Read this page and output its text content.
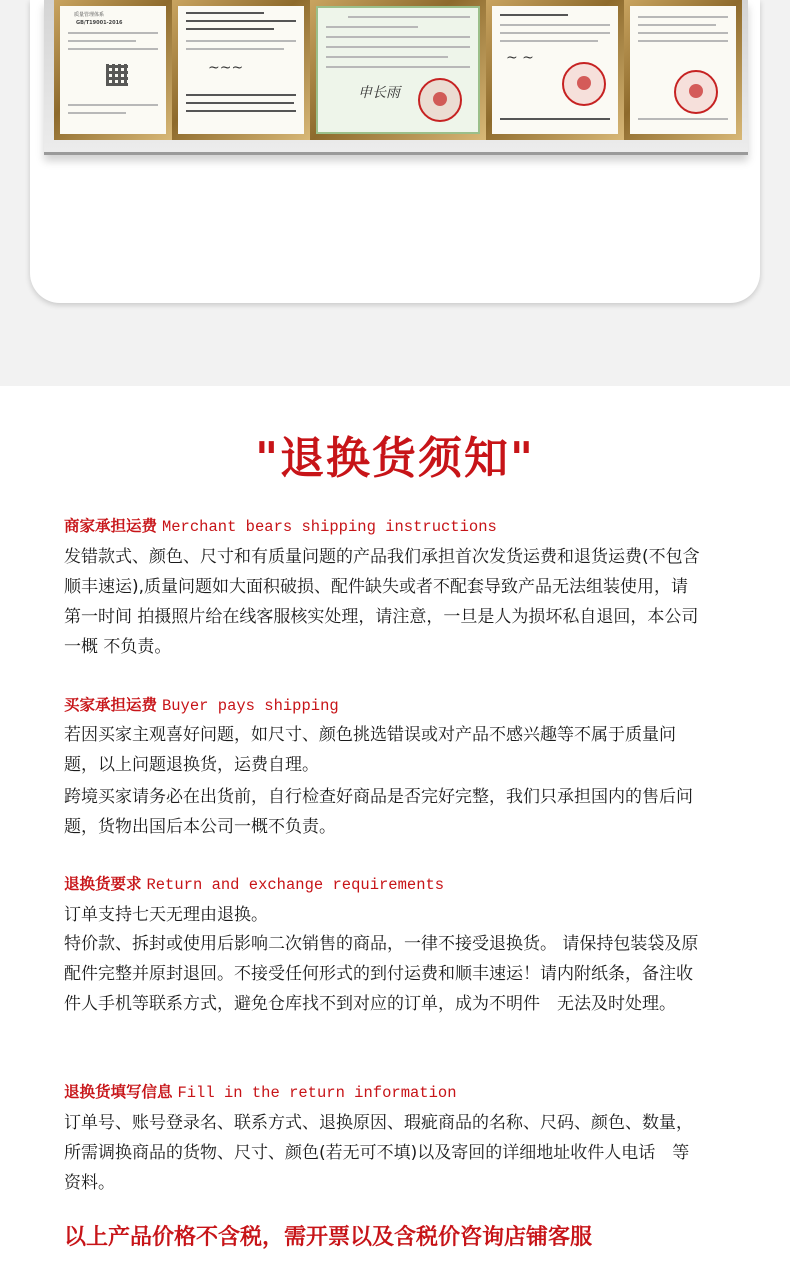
质量管理体系
GB/T19001-2016
~~~
申长雨
~ ~
"退换货须知"
商家承担运费 Merchant bears shipping instructions

发错款式、颜色、尺寸和有质量问题的产品我们承担首次发货运费和退货运费(不包含顺丰速运),质量问题如大面积破损、配件缺失或者不配套导致产品无法组装使用，请第一时间 拍摄照片给在线客服核实处理，请注意，一旦是人为损坏私自退回，本公司一概 不负责。

买家承担运费 Buyer pays shipping

若因买家主观喜好问题，如尺寸、颜色挑选错误或对产品不感兴趣等不属于质量问题，以上问题退换货，运费自理。

跨境买家请务必在出货前，自行检查好商品是否完好完整，我们只承担国内的售后问题，货物出国后本公司一概不负责。

退换货要求 Return and exchange requirements

订单支持七天无理由退换。

特价款、拆封或使用后影响二次销售的商品，一律不接受退换货。 请保持包装袋及原配件完整并原封退回。不接受任何形式的到付运费和顺丰速运！请内附纸条，备注收件人手机等联系方式，避免仓库找不到对应的订单，成为不明件　无法及时处理。

退换货填写信息 Fill in the return information

订单号、账号登录名、联系方式、退换原因、瑕疵商品的名称、尺码、颜色、数量， 所需调换商品的货物、尺寸、颜色(若无可不填)以及寄回的详细地址收件人电话　等资料。

以上产品价格不含税，需开票以及含税价咨询店铺客服
